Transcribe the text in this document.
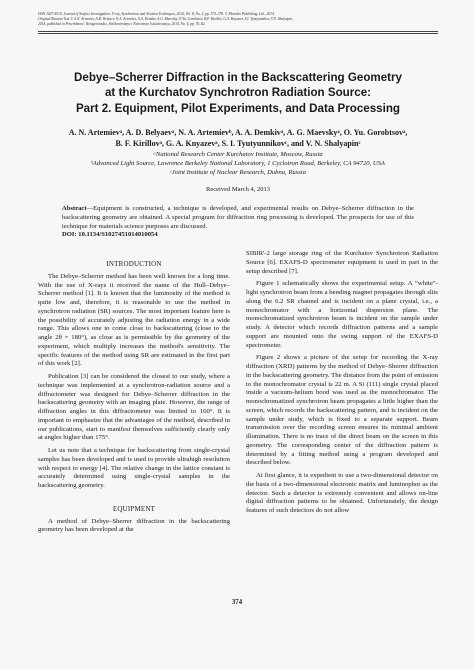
ISSN 1027-4510, Journal of Surface Investigation. X-ray, Synchrotron and Neutron Techniques, 2014, Vol. 8, No. 2, pp. 374–378. © Pleiades Publishing, Ltd., 2014.
Original Russian Text © A.N. Artemiev, A.D. Belyaev, N.A. Artemiev, A.A. Demkiv, A.G. Maevsky, O.Yu. Gorobtsov, B.F. Kirillov, G.A. Knyazev, S.I. Tyutyunnikov, V.N. Shalyapin,
2014, published in Poverkhnost'. Rentgenovskie, Sinkhrotronnye i Neitronnye Issledovaniya, 2014, No. 4, pp. 76–82.
Debye–Scherrer Diffraction in the Backscattering Geometry
at the Kurchatov Synchrotron Radiation Source:
Part 2. Equipment, Pilot Experiments, and Data Processing
A. N. Artemievᵃ, A. D. Belyaevᵃ, N. A. Artemievᵇ, A. A. Demkivᵃ, A. G. Maevskyᵃ, O. Yu. Gorobtsovᵃ,
B. F. Kirillovᵃ, G. A. Knyazevᵃ, S. I. Tyutyunnikovᶜ, and V. N. Shalyapinᶜ
ᵃNational Research Center Kurchatov Institute, Moscow, Russia
ᵇAdvanced Light Source, Lawrence Berkeley National Laboratory, 1 Cyclotron Road, Berkeley, CA 94720, USA
ᶜJoint Institute of Nuclear Research, Dubna, Russia
Received March 4, 2013
Abstract—Equipment is constructed, a technique is developed, and experimental results on Debye–Scherrer diffraction in the backscattering geometry are obtained. A special program for diffraction ring processing is developed. The prospects for use of this technique for materials science purposes are discussed.
DOI: 10.1134/S1027451014010054
INTRODUCTION

The Debye–Scherrer method has been well known for a long time. With the use of X-rays it received the name of the Hull–Debye–Scherrer method [1]. It is known that the luminosity of the method is quite low and, therefore, it is reasonable to use the method in synchrotron radiation (SR) sources. The most important feature here is the possibility of accurately adjusting the radiation energy in a wide range. This allows one to come close to backscattering (close to the angle 2θ = 180°), as close as is permissible by the geometry of the experiment, which multiply increases the method's sensitivity. The specific features of the method using SR are estimated in the first part of this work [2].

Publication [3] can be considered the closest to our study, where a technique was implemented at a synchrotron-radiation source and a diffractometer was designed for Debye–Scherrer diffraction in the backscattering geometry with an imaging plate. However, the range of diffraction angles in this diffractometer was limited to 160°. It is important to emphasize that the advantages of the method, described in our publications, start to manifest themselves sufficiently clearly only at angles higher than 175°.

Let us note that a technique for backscattering from single-crystal samples has been developed and is used to provide ultrahigh resolution with respect to energy [4]. The relative change in the lattice constant is accurately determined using single-crystal samples in the backscattering geometry.

EQUIPMENT

A method of Debye–Sherrer diffraction in the backscattering geometry has been developed at the

SIBIR'-2 large storage ring of the Kurchatov Synchrotron Radiation Source [6]. EXAFS-D spectrometer equipment is used in part in the setup described [7].

Figure 1 schematically shows the experimental setup. A “white”-light synchrotron beam from a bending magnet propagates through slits along the 6.2 SR channel and is incident on a plane crystal, i.e., a monochromator with a horizontal dispersion plane. The monochromatized synchrotron beam is incident on the sample under study. A detector which records diffraction patterns and a sample support are mounted onto the swing support of the EXAFS-D spectrometer.

Figure 2 shows a picture of the setup for recording the X-ray diffraction (XRD) patterns by the method of Debye–Sherrer diffraction in the backscattering geometry. The distance from the point of emission to the monochromator crystal is 22 m. A Si (111) single crystal placed inside a vacuum-helium hood was used as the monochromator. The monochromatized synchrotron beam propagates a little higher than the screen, which records the backscattering pattern, and is incident on the sample under study, which is fixed to a separate support. Beam transmission over the recording screen ensures its minimal ambient illumination. There is no trace of the direct beam on the screen in this geometry. The corresponding center of the diffraction pattern is determined by a fitting method using a program developed and described below.

At first glance, it is expedient to use a two-dimensional detector on the basis of a two-dimensional electronic matrix and luminophor as the detector. Such a detector is extremely convenient and allows on-line digital diffraction patterns to be obtained. Unfortunately, the design features of such detectors do not allow

374
